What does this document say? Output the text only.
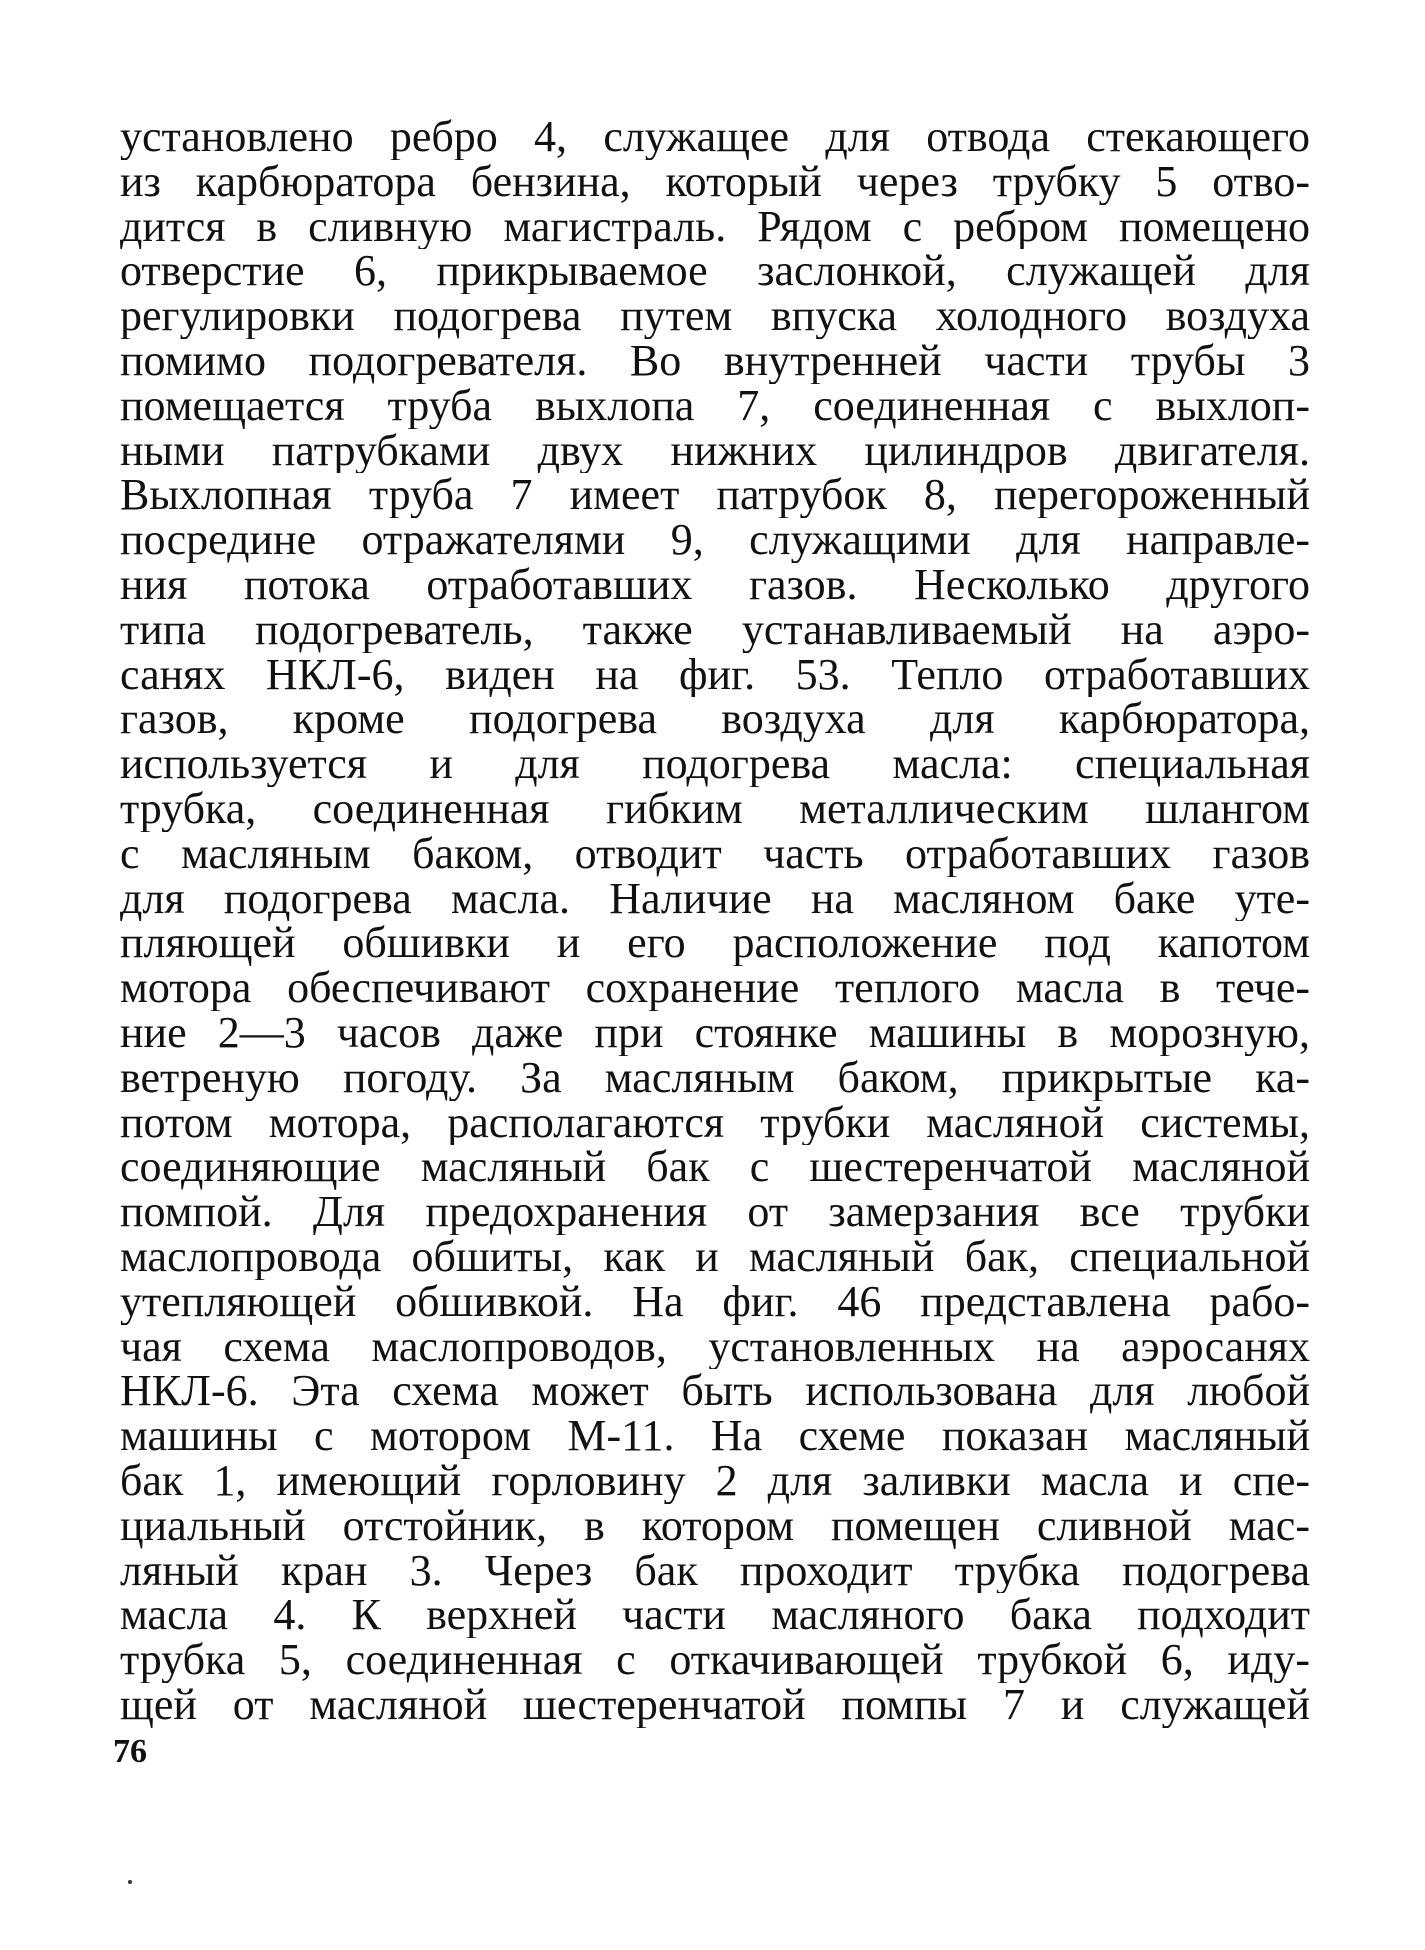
установлено ребро 4, служащее для отвода стекающего
из карбюратора бензина, который через трубку 5 отво-
дится в сливную магистраль. Рядом с ребром помещено
отверстие 6, прикрываемое заслонкой, служащей для
регулировки подогрева путем впуска холодного воздуха
помимо подогревателя. Во внутренней части трубы 3
помещается труба выхлопа 7, соединенная с выхлоп-
ными патрубками двух нижних цилиндров двигателя.
Выхлопная труба 7 имеет патрубок 8, перегороженный
посредине отражателями 9, служащими для направле-
ния потока отработавших газов. Несколько другого
типа подогреватель, также устанавливаемый на аэро-
санях НКЛ-6, виден на фиг. 53. Тепло отработавших
газов, кроме подогрева воздуха для карбюратора,
используется и для подогрева масла: специальная
трубка, соединенная гибким металлическим шлангом
с масляным баком, отводит часть отработавших газов
для подогрева масла. Наличие на масляном баке уте-
пляющей обшивки и его расположение под капотом
мотора обеспечивают сохранение теплого масла в тече-
ние 2—3 часов даже при стоянке машины в морозную,
ветреную погоду. За масляным баком, прикрытые ка-
потом мотора, располагаются трубки масляной системы,
соединяющие масляный бак с шестеренчатой масляной
помпой. Для предохранения от замерзания все трубки
маслопровода обшиты, как и масляный бак, специальной
утепляющей обшивкой. На фиг. 46 представлена рабо-
чая схема маслопроводов, установленных на аэросанях
НКЛ-6. Эта схема может быть использована для любой
машины с мотором М-11. На схеме показан масляный
бак 1, имеющий горловину 2 для заливки масла и спе-
циальный отстойник, в котором помещен сливной мас-
ляный кран 3. Через бак проходит трубка подогрева
масла 4. К верхней части масляного бака подходит
трубка 5, соединенная с откачивающей трубкой 6, иду-
щей от масляной шестеренчатой помпы 7 и служащей
76
